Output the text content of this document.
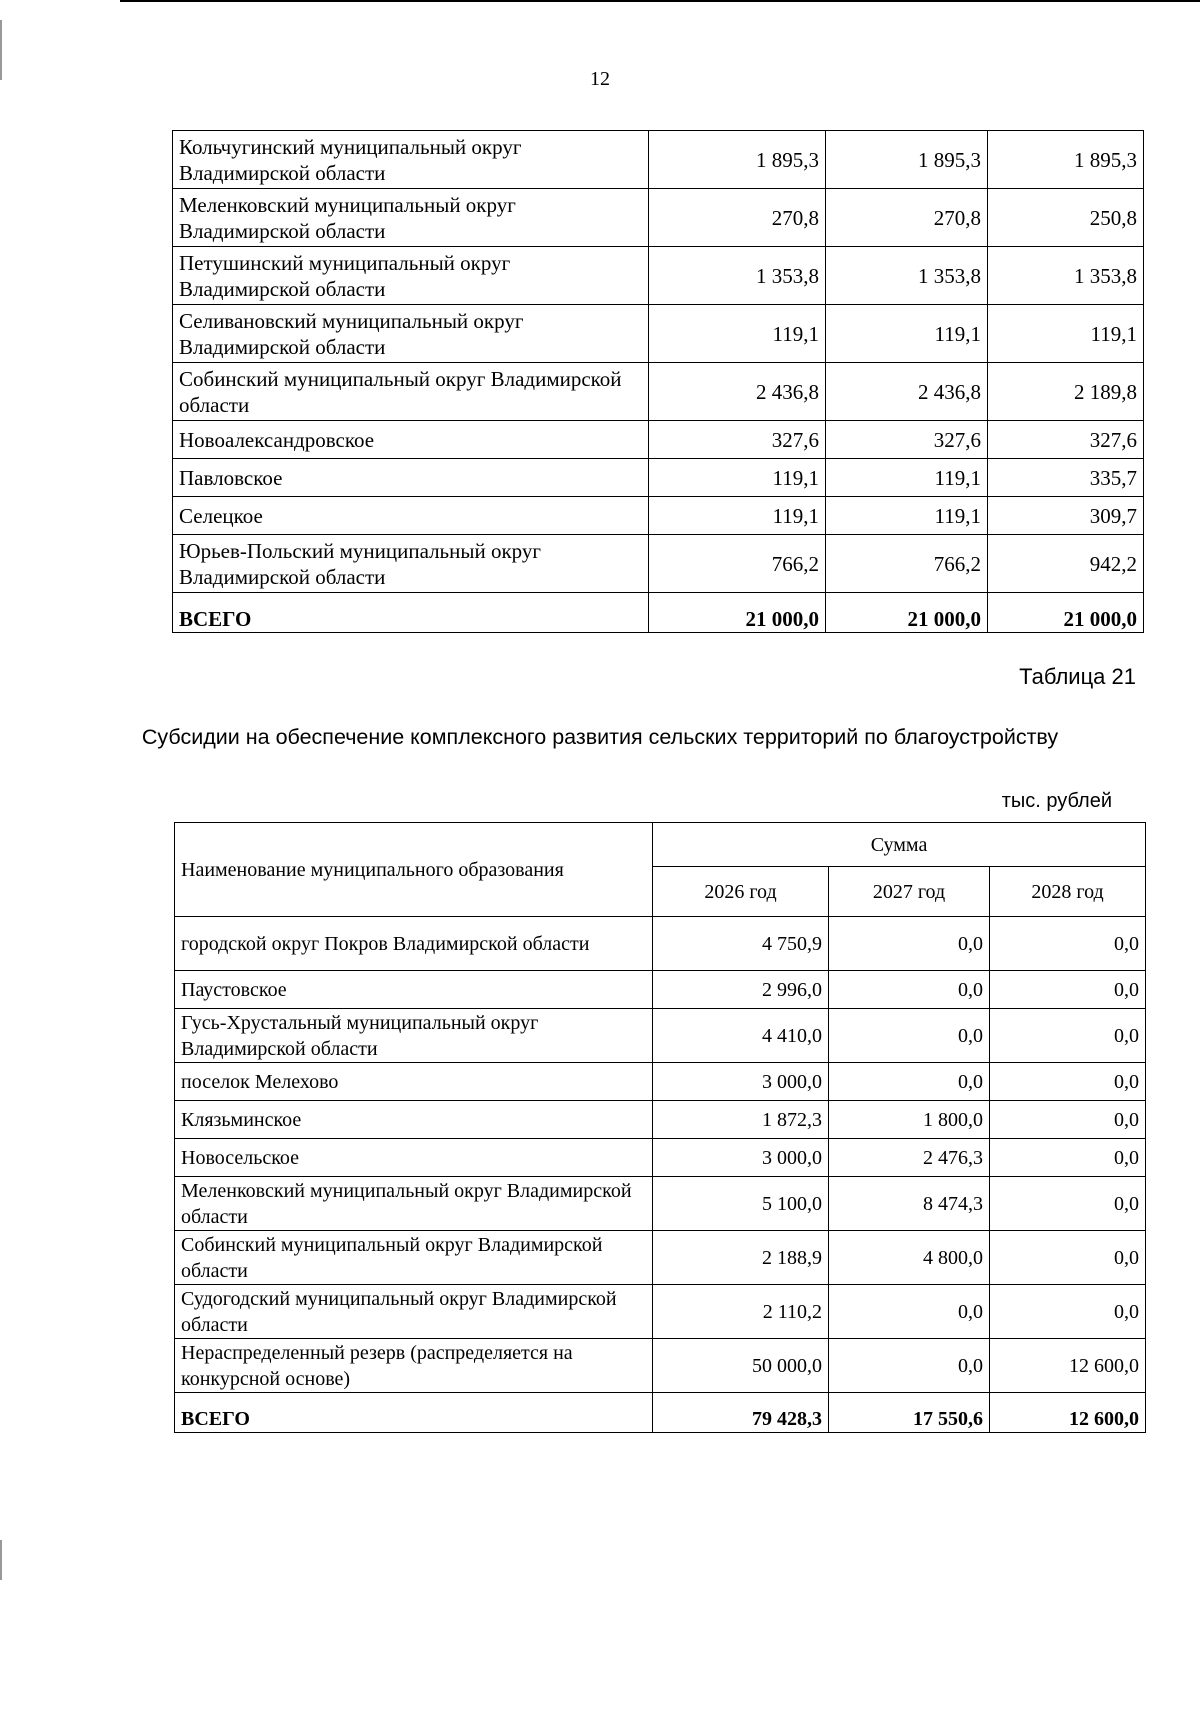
12
Кольчугинский муниципальный округ Владимирской области	1 895,3	1 895,3	1 895,3
Меленковский муниципальный округ Владимирской области	270,8	270,8	250,8
Петушинский муниципальный округ Владимирской области	1 353,8	1 353,8	1 353,8
Селивановский муниципальный округ Владимирской области	119,1	119,1	119,1
Собинский муниципальный округ Владимирской области	2 436,8	2 436,8	2 189,8
Новоалександровское	327,6	327,6	327,6
Павловское	119,1	119,1	335,7
Селецкое	119,1	119,1	309,7
Юрьев-Польский муниципальный округ Владимирской области	766,2	766,2	942,2
ВСЕГО	21 000,0	21 000,0	21 000,0
Таблица 21
Субсидии на обеспечение комплексного развития сельских территорий по благоустройству
тыс. рублей
Наименование муниципального образования	Сумма		
	2026 год	2027 год	2028 год
городской округ Покров Владимирской области	4 750,9	0,0	0,0
Паустовское	2 996,0	0,0	0,0
Гусь-Хрустальный муниципальный округ Владимирской области	4 410,0	0,0	0,0
поселок Мелехово	3 000,0	0,0	0,0
Клязьминское	1 872,3	1 800,0	0,0
Новосельское	3 000,0	2 476,3	0,0
Меленковский муниципальный округ Владимирской области	5 100,0	8 474,3	0,0
Собинский муниципальный округ Владимирской области	2 188,9	4 800,0	0,0
Судогодский муниципальный округ Владимирской области	2 110,2	0,0	0,0
Нераспределенный резерв (распределяется на конкурсной основе)	50 000,0	0,0	12 600,0
ВСЕГО	79 428,3	17 550,6	12 600,0
